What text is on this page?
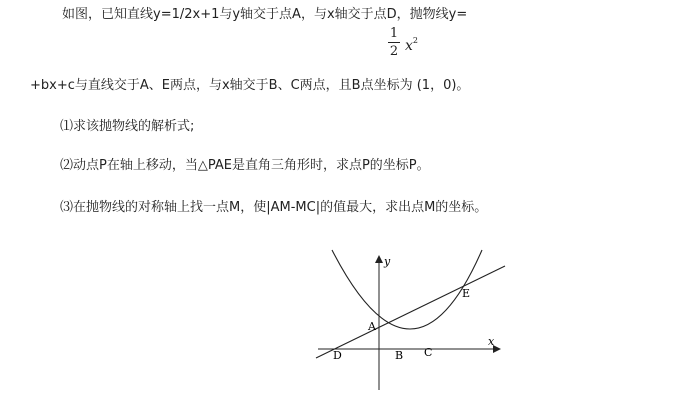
如图，已知直线y=1/2x+1与y轴交于点A，与x轴交于点D，抛物线y=
1
2 $x^2$
+bx+c与直线交于A、E两点，与x轴交于B、C两点，且B点坐标为 (1，0)。
⑴求该抛物线的解析式;
⑵动点P在轴上移动，当△PAE是直角三角形时，求点P的坐标P。
⑶在抛物线的对称轴上找一点M，使|AM-MC|的值最大，求出点M的坐标。
y
x
A
B C
D
E
